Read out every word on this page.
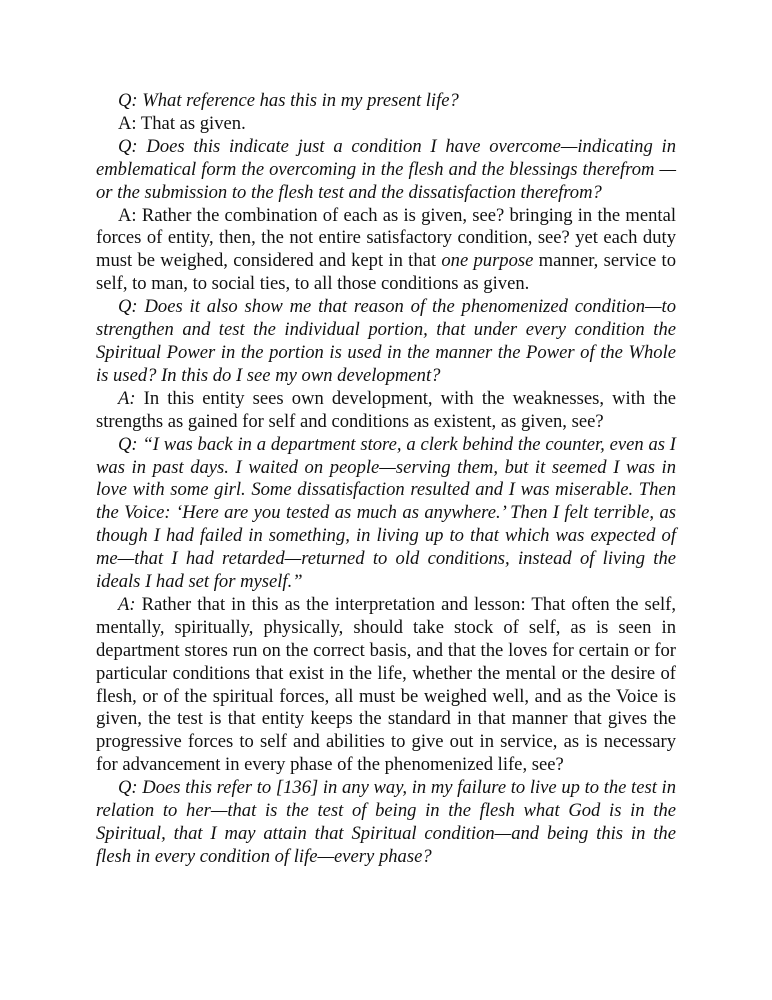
Q: What reference has this in my present life?

A: That as given.

Q: Does this indicate just a condition I have overcome—indicating in emblematical form the overcoming in the flesh and the blessings therefrom —or the submission to the flesh test and the dissatisfaction therefrom?

A: Rather the combination of each as is given, see? bringing in the mental forces of entity, then, the not entire satisfactory condition, see? yet each duty must be weighed, considered and kept in that one purpose manner, service to self, to man, to social ties, to all those conditions as given.

Q: Does it also show me that reason of the phenomenized condition—to strengthen and test the individual portion, that under every condition the Spiritual Power in the portion is used in the manner the Power of the Whole is used? In this do I see my own development?

A: In this entity sees own development, with the weaknesses, with the strengths as gained for self and conditions as existent, as given, see?

Q: “I was back in a department store, a clerk behind the counter, even as I was in past days. I waited on people—serving them, but it seemed I was in love with some girl. Some dissatisfaction resulted and I was miserable. Then the Voice: ‘Here are you tested as much as anywhere.’ Then I felt terrible, as though I had failed in something, in living up to that which was expected of me—that I had retarded—returned to old conditions, instead of living the ideals I had set for myself.”

A: Rather that in this as the interpretation and lesson: That often the self, mentally, spiritually, physically, should take stock of self, as is seen in department stores run on the correct basis, and that the loves for certain or for particular conditions that exist in the life, whether the mental or the desire of flesh, or of the spiritual forces, all must be weighed well, and as the Voice is given, the test is that entity keeps the standard in that manner that gives the progressive forces to self and abilities to give out in service, as is necessary for advancement in every phase of the phenomenized life, see?

Q: Does this refer to [136] in any way, in my failure to live up to the test in relation to her—that is the test of being in the flesh what God is in the Spiritual, that I may attain that Spiritual condition—and being this in the flesh in every condition of life—every phase?
